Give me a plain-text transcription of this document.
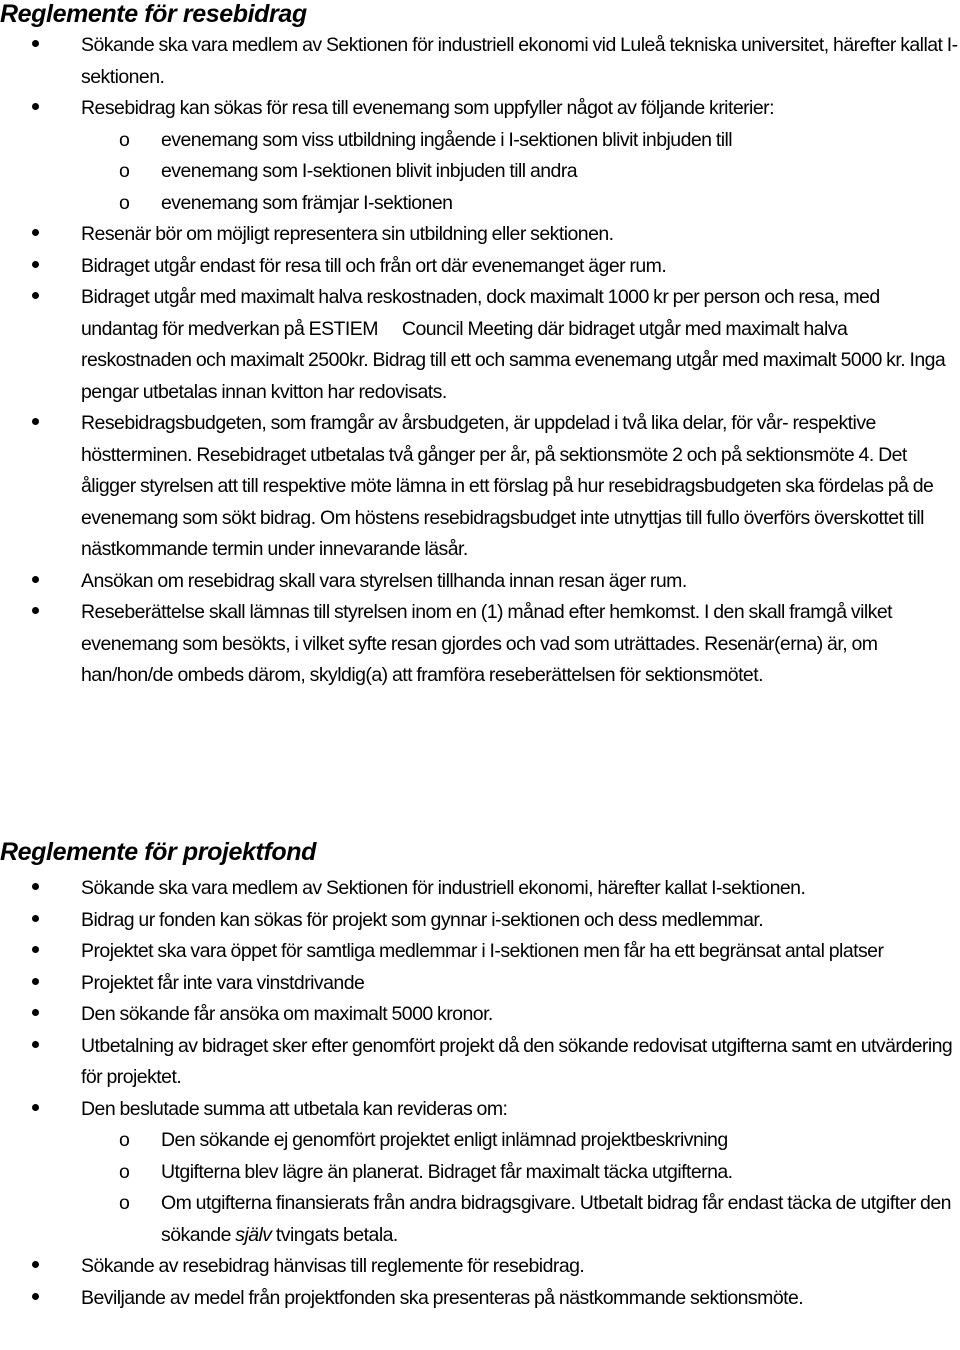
Reglemente för resebidrag
Sökande ska vara medlem av Sektionen för industriell ekonomi vid Luleå tekniska universitet, härefter kallat I-sektionen.
Resebidrag kan sökas för resa till evenemang som uppfyller något av följande kriterier:
o evenemang som viss utbildning ingående i I-sektionen blivit inbjuden till
o evenemang som I-sektionen blivit inbjuden till andra
o evenemang som främjar I-sektionen
Resenär bör om möjligt representera sin utbildning eller sektionen.
Bidraget utgår endast för resa till och från ort där evenemanget äger rum.
Bidraget utgår med maximalt halva reskostnaden, dock maximalt 1000 kr per person och resa, med undantag för medverkan på ESTIEM Council Meeting där bidraget utgår med maximalt halva reskostnaden och maximalt 2500kr. Bidrag till ett och samma evenemang utgår med maximalt 5000 kr. Inga pengar utbetalas innan kvitton har redovisats.
Resebidragsbudgeten, som framgår av årsbudgeten, är uppdelad i två lika delar, för vår- respektive höstterminen. Resebidraget utbetalas två gånger per år, på sektionsmöte 2 och på sektionsmöte 4. Det åligger styrelsen att till respektive möte lämna in ett förslag på hur resebidragsbudgeten ska fördelas på de evenemang som sökt bidrag. Om höstens resebidragsbudget inte utnyttjas till fullo överförs överskottet till nästkommande termin under innevarande läsår.
Ansökan om resebidrag skall vara styrelsen tillhanda innan resan äger rum.
Reseberättelse skall lämnas till styrelsen inom en (1) månad efter hemkomst. I den skall framgå vilket evenemang som besökts, i vilket syfte resan gjordes och vad som uträttades. Resenär(erna) är, om han/hon/de ombeds därom, skyldig(a) att framföra reseberättelsen för sektionsmötet.
Reglemente för projektfond
Sökande ska vara medlem av Sektionen för industriell ekonomi, härefter kallat I-sektionen.
Bidrag ur fonden kan sökas för projekt som gynnar i-sektionen och dess medlemmar.
Projektet ska vara öppet för samtliga medlemmar i I-sektionen men får ha ett begränsat antal platser
Projektet får inte vara vinstdrivande
Den sökande får ansöka om maximalt 5000 kronor.
Utbetalning av bidraget sker efter genomfört projekt då den sökande redovisat utgifterna samt en utvärdering för projektet.
Den beslutade summa att utbetala kan revideras om:
o Den sökande ej genomfört projektet enligt inlämnad projektbeskrivning
o Utgifterna blev lägre än planerat. Bidraget får maximalt täcka utgifterna.
o Om utgifterna finansierats från andra bidragsgivare. Utbetalt bidrag får endast täcka de utgifter den sökande själv tvingats betala.
Sökande av resebidrag hänvisas till reglemente för resebidrag.
Beviljande av medel från projektfonden ska presenteras på nästkommande sektionsmöte.
